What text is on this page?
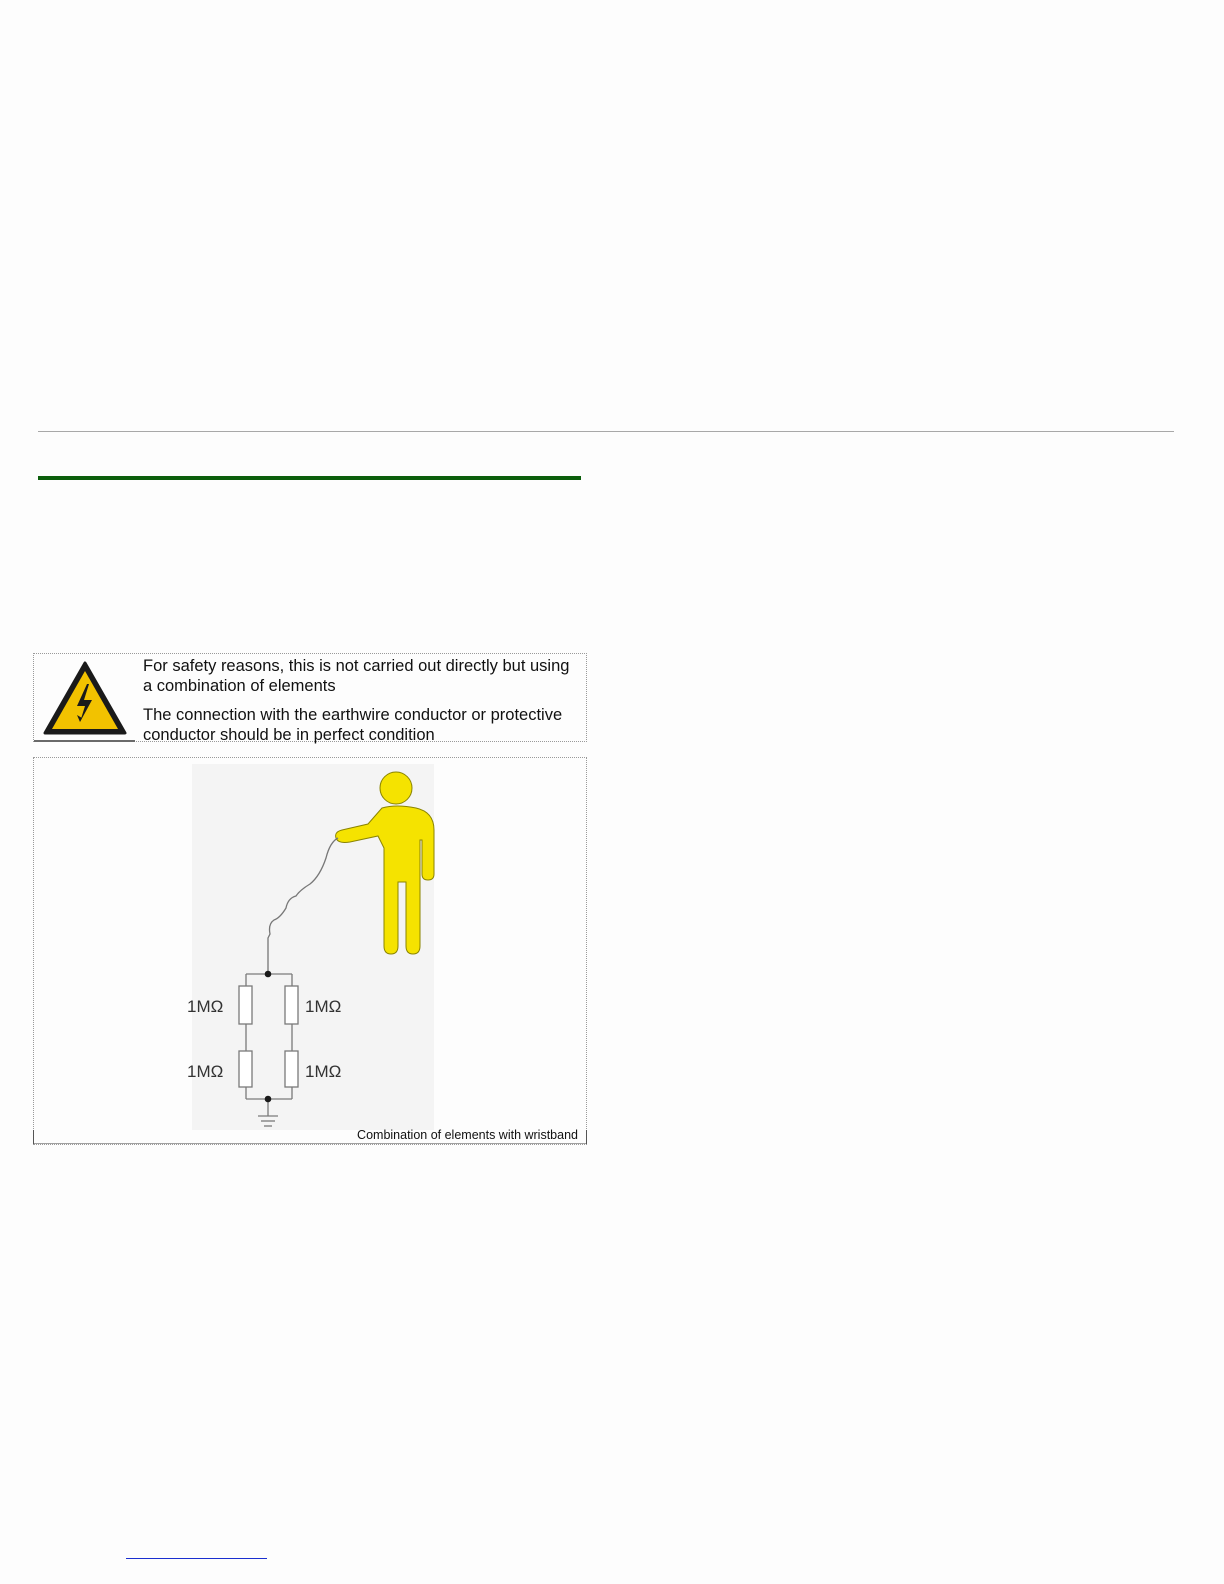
For safety reasons, this is not carried out directly but using a combination of elements

The connection with the earthwire conductor or protective conductor should be in perfect condition

1MΩ	1MΩ
1MΩ	1MΩ
Combination of elements with wristband
